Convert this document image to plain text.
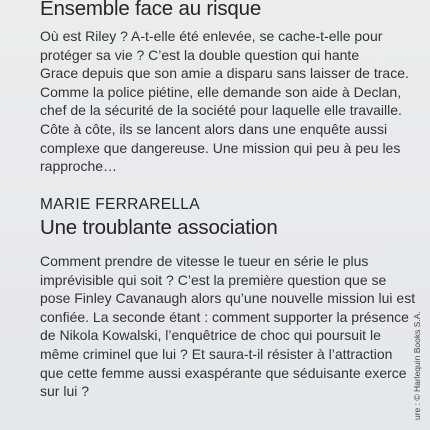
Ensemble face au risque

Où est Riley ? A-t-elle été enlevée, se cache-t-elle pour
protéger sa vie ? C’est la double question qui hante
Grace depuis que son amie a disparu sans laisser de trace.
Comme la police piétine, elle demande son aide à Declan,
chef de la sécurité de la société pour laquelle elle travaille.
Côte à côte, ils se lancent alors dans une enquête aussi
complexe que dangereuse. Une mission qui peu à peu les
rapproche…

MARIE FERRARELLA
Une troublante association

Comment prendre de vitesse le tueur en série le plus
imprévisible qui soit ? C’est la première question que se
pose Finley Cavanaugh alors qu’une nouvelle mission lui est
confiée. La seconde étant : comment supporter la présence
de Nikola Kowalski, l’enquêtrice de choc qui poursuit le
même criminel que lui ? Et saura-t-il résister à l’attraction
que cette femme aussi exaspérante que séduisante exerce
sur lui ?	ure : © Harlequin Books S.A.
